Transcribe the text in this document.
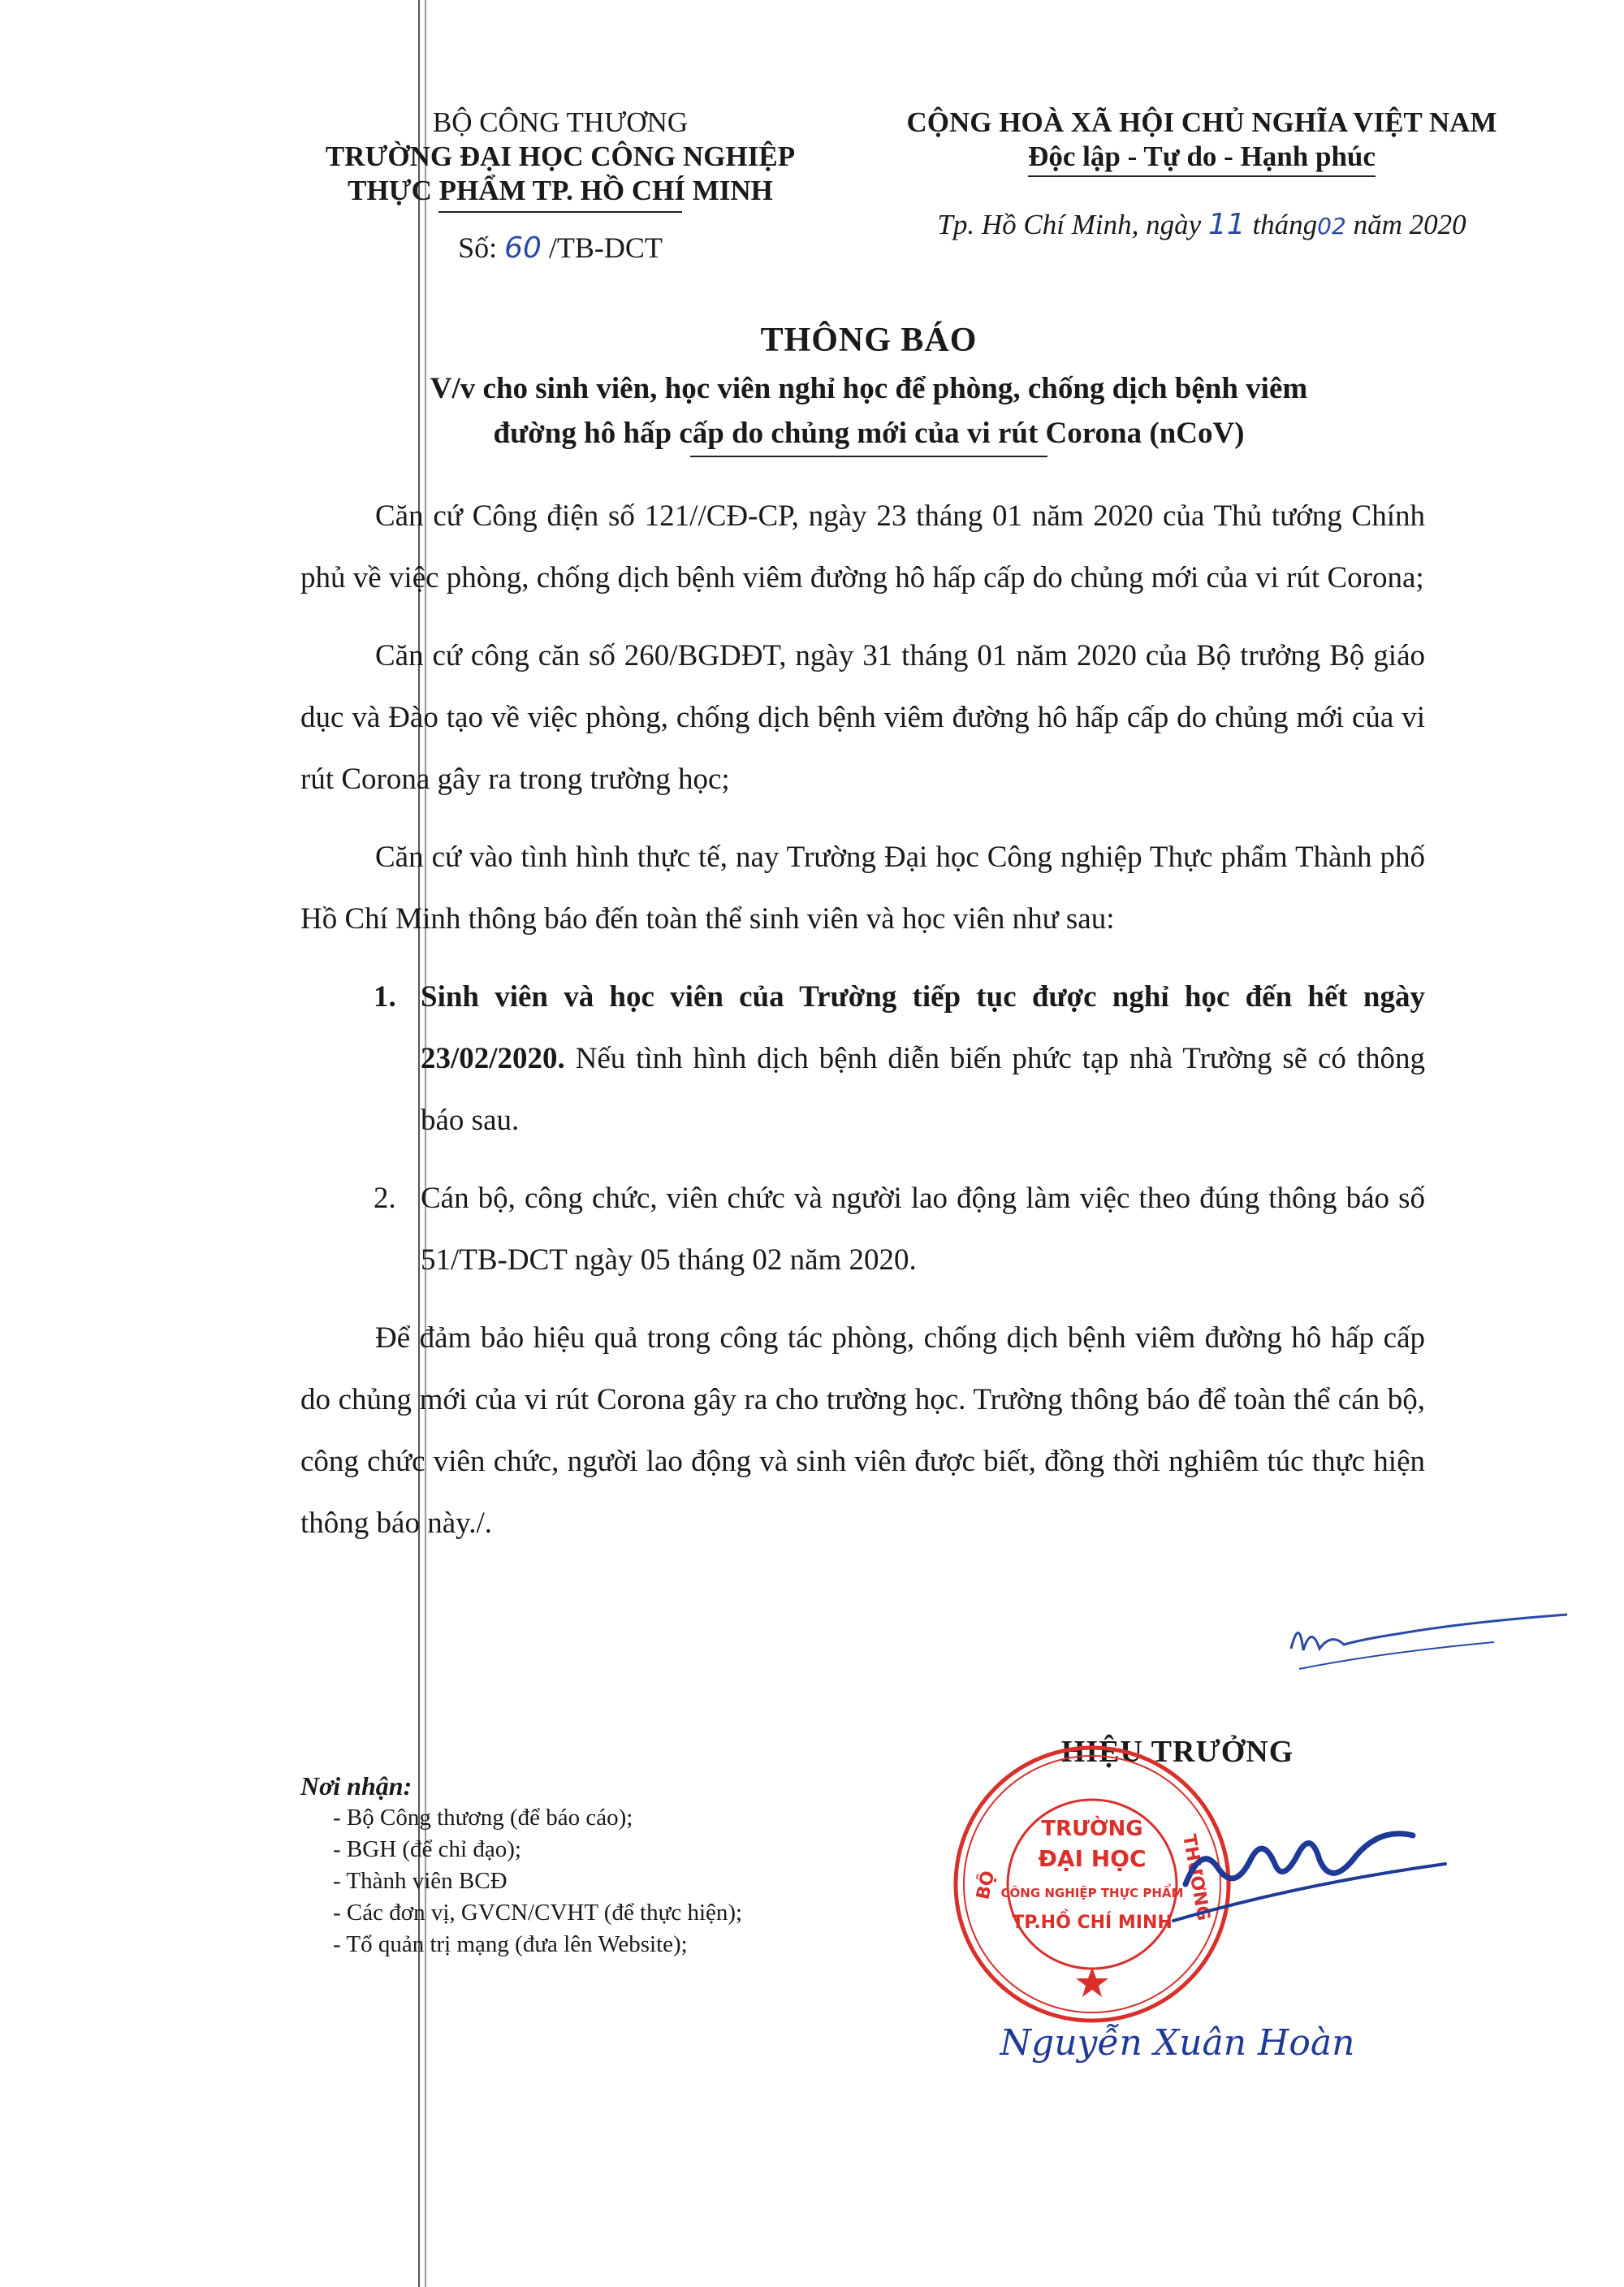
BỘ CÔNG THƯƠNG
TRƯỜNG ĐẠI HỌC CÔNG NGHIỆP
THỰC PHẨM TP. HỒ CHÍ MINH
Số: 60 /TB-DCT
CỘNG HOÀ XÃ HỘI CHỦ NGHĨA VIỆT NAM
Độc lập - Tự do - Hạnh phúc
Tp. Hồ Chí Minh, ngày 11 tháng02 năm 2020
THÔNG BÁO
V/v cho sinh viên, học viên nghỉ học để phòng, chống dịch bệnh viêm
đường hô hấp cấp do chủng mới của vi rút Corona (nCoV)

Căn cứ Công điện số 121//CĐ-CP, ngày 23 tháng 01 năm 2020 của Thủ tướng Chính phủ về việc phòng, chống dịch bệnh viêm đường hô hấp cấp do chủng mới của vi rút Corona;

Căn cứ công căn số 260/BGDĐT, ngày 31 tháng 01 năm 2020 của Bộ trưởng Bộ giáo dục và Đào tạo về việc phòng, chống dịch bệnh viêm đường hô hấp cấp do chủng mới của vi rút Corona gây ra trong trường học;

Căn cứ vào tình hình thực tế, nay Trường Đại học Công nghiệp Thực phẩm Thành phố Hồ Chí Minh thông báo đến toàn thể sinh viên và học viên như sau:

1. Sinh viên và học viên của Trường tiếp tục được nghỉ học đến hết ngày 23/02/2020. Nếu tình hình dịch bệnh diễn biến phức tạp nhà Trường sẽ có thông báo sau.

2. Cán bộ, công chức, viên chức và người lao động làm việc theo đúng thông báo số 51/TB-DCT ngày 05 tháng 02 năm 2020.

Để đảm bảo hiệu quả trong công tác phòng, chống dịch bệnh viêm đường hô hấp cấp do chủng mới của vi rút Corona gây ra cho trường học. Trường thông báo để toàn thể cán bộ, công chức viên chức, người lao động và sinh viên được biết, đồng thời nghiêm túc thực hiện thông báo này./.

Nơi nhận:
- Bộ Công thương (để báo cáo);
- BGH (để chỉ đạo);
- Thành viên BCĐ
- Các đơn vị, GVCN/CVHT (để thực hiện);
- Tổ quản trị mạng (đưa lên Website);
HIỆU TRƯỞNG
BỘ	THƯƠNG
TRƯỜNG
ĐẠI HỌC
CÔNG NGHIỆP THỰC PHẨM
TP.HỒ CHÍ MINH
Nguyễn Xuân Hoàn
